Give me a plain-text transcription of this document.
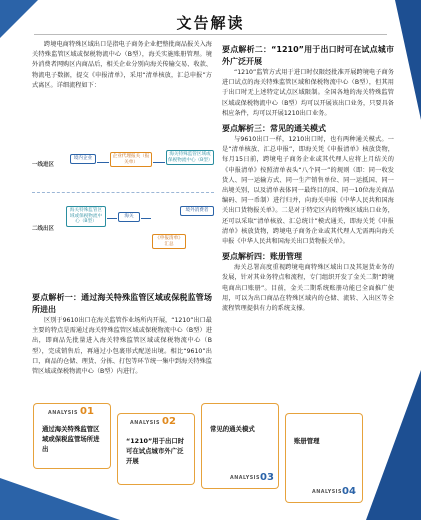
文告解读

跨境电商特殊区域出口是指电子商务企业把整批商品报关入海关特殊监管区域或保税物流中心（B型），海关实施账册管理。境外消费者网购区内商品后，相关企业分别向海关传输交易、收款、物流电子数据，提交《申报清单》，采用“清单核放，汇总申报”方式离区。详细流程如下：

一线进区
境内企业	企业代理报关（报关单）
海关特殊监管区域或保税物流中心（B型）
二线出区
海关特殊监管区域或保税物流中心（B型）
海关
《申报清单》汇总
境外消费者
要点解析一：通过海关特殊监管区域或保税监管场所进出

区别于9610出口在海关监管作业场所内开展，“1210”出口最主要的特点是需通过海关特殊监管区域或保税物流中心（B型）进出，即商品先批量进入海关特殊监管区域或保税物流中心（B型），完成销售后，再通过小包裹形式配送出境。相比“9610”出口，商品的仓储、理货、分拣、打包等环节统一集中到海关特殊监管区域或保税物流中心（B型）内进行。

要点解析二：“1210”用于出口时可在试点城市外广泛开展

“1210”监管方式用于进口时仅限经批准开展跨境电子商务进口试点的海关特殊监管区域和保税物流中心（B型），但其用于出口时无上述特定试点区域限制。全国各地的海关特殊监管区域或保税物流中心（B型）均可以开展该出口业务，只要具备相应条件，均可以开展1210出口业务。

要点解析三：常见的通关模式

与9610出口一样，1210出口时，也有两种通关模式。一是“清单核放、汇总申报”，即海关凭《申报清单》核放货物，每月15日前，跨境电子商务企业或其代理人应将上月结关的《申报清单》按照清单表头“八个同一”的规则（即：同一收发货人、同一运输方式、同一生产销售单位、同一运抵国、同一出境关别，以及清单表体同一最终目的国、同一10位海关商品编码、同一币制）进行归并，向海关申报《中华人民共和国海关出口货物报关单》。二是对于特定区内的特殊区域出口业务，还可以采取“清单核放、汇总统计”模式通关，即海关凭《申报清单》核放货物，跨境电子商务企业或其代理人无需再向海关申报《中华人民共和国海关出口货物报关单》。

要点解析四：账册管理

海关总署高度重视跨境电商特殊区域出口及其退货业务的发展，针对其业务特点和流程，专门组织开发了金关二期“跨境电商出口账册”。目前，金关二期系统账册功能已全面推广使用，可以为出口商品在特殊区域内的仓储、流转、入出区等全流程管理提供有力的系统支撑。

ANALYSIS 01
通过海关特殊监管区域或保税监管场所进出
ANALYSIS 02
“1210”用于出口时可在试点城市外广泛开展
常见的通关模式
ANALYSIS 03
账册管理
ANALYSIS 04
